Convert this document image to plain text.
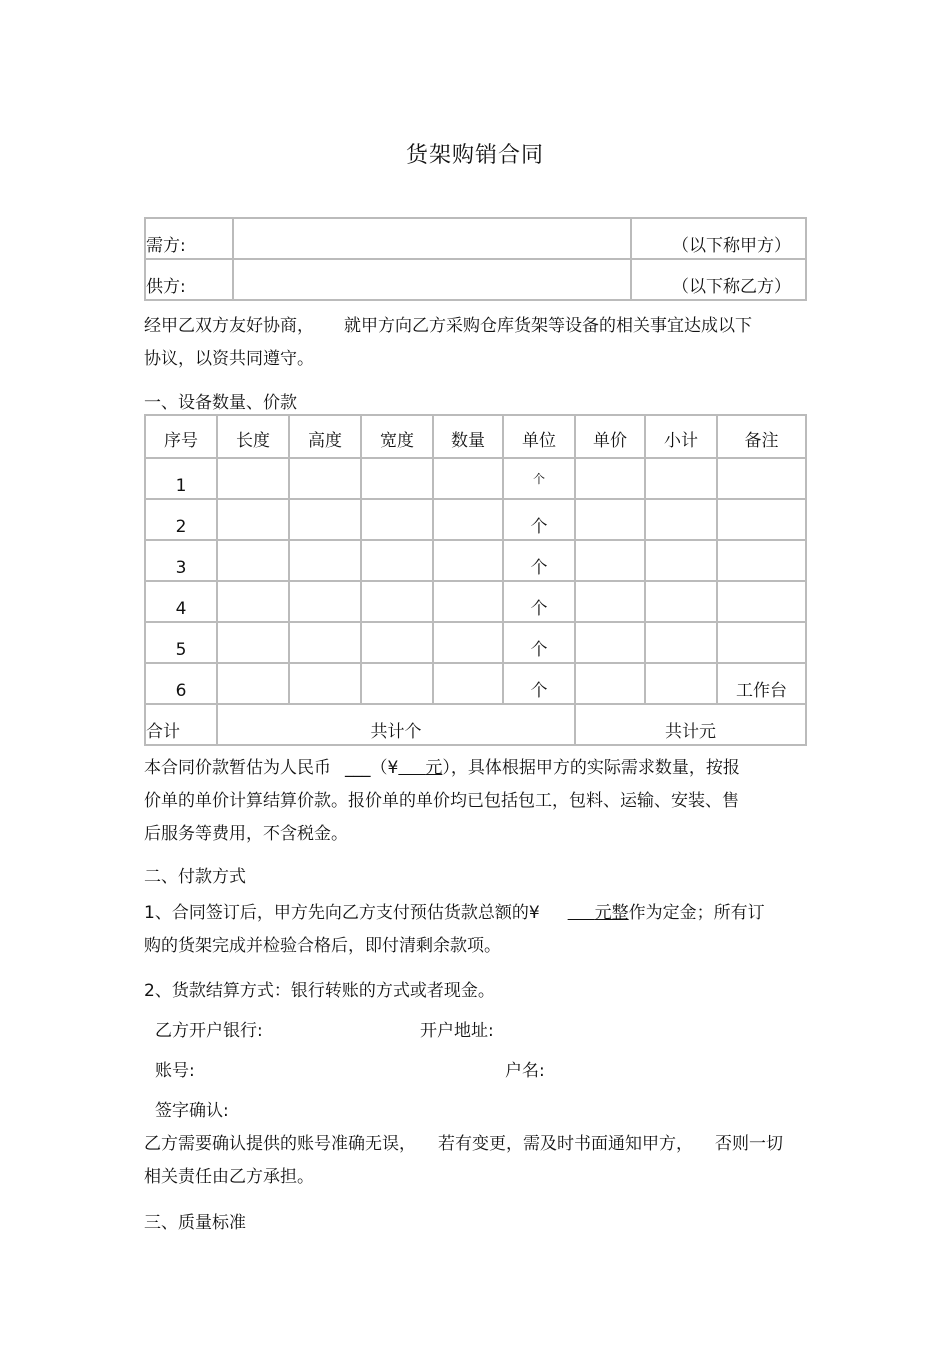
货架购销合同
需方:		（以下称甲方）
供方:		（以下称乙方）
经甲乙双方友好协商， 就甲方向乙方采购仓库货架等设备的相关事宜达成以下
协议，以资共同遵守。
一、设备数量、价款
序号	长度	高度	宽度	数量	单位	单价	小计	备注
1					个			
2					个			
3					个			
4					个			
5					个			
6					个			工作台
合计	共计个					共计元		
本合同价款暂估为人民币 ___（¥ 元），具体根据甲方的实际需求数量，按报
价单的单价计算结算价款。报价单的单价均已包括包工，包料、运输、安装、售
后服务等费用，不含税金。
二、付款方式
1、合同签订后，甲方先向乙方支付预估货款总额的¥	元整作为定金；所有订
购的货架完成并检验合格后，即付清剩余款项。
2、货款结算方式：银行转账的方式或者现金。
乙方开户银行:	开户地址:
账号:	户名:
签字确认:
乙方需要确认提供的账号准确无误， 若有变更，需及时书面通知甲方， 否则一切
相关责任由乙方承担。
三、质量标准
